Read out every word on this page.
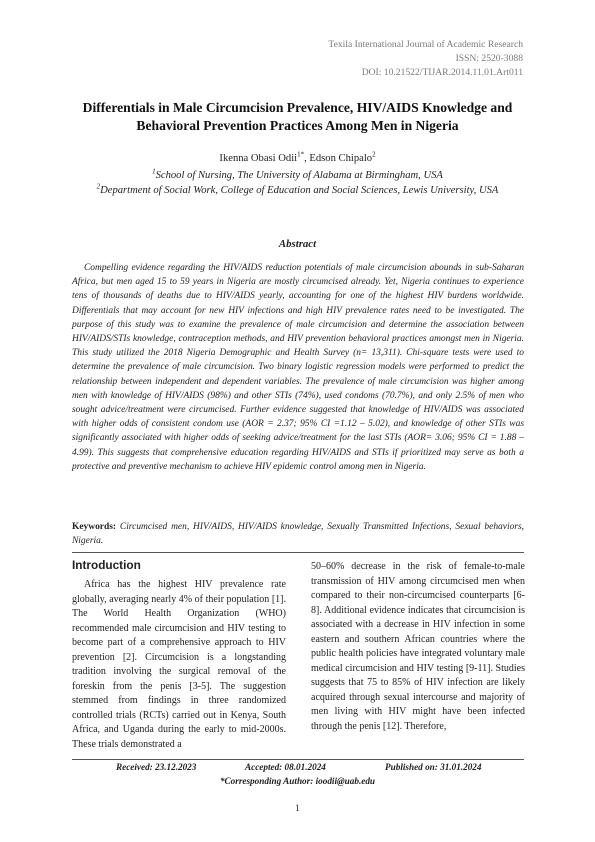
Texila International Journal of Academic Research
ISSN: 2520-3088
DOI: 10.21522/TIJAR.2014.11.01.Art011
Differentials in Male Circumcision Prevalence, HIV/AIDS Knowledge and Behavioral Prevention Practices Among Men in Nigeria
Ikenna Obasi Odii$^{1*}$, Edson Chipalo$^2$
$^1$School of Nursing, The University of Alabama at Birmingham, USA
$^2$Department of Social Work, College of Education and Social Sciences, Lewis University, USA
Abstract

Compelling evidence regarding the HIV/AIDS reduction potentials of male circumcision abounds in sub-Saharan Africa, but men aged 15 to 59 years in Nigeria are mostly circumcised already. Yet, Nigeria continues to experience tens of thousands of deaths due to HIV/AIDS yearly, accounting for one of the highest HIV burdens worldwide. Differentials that may account for new HIV infections and high HIV prevalence rates need to be investigated. The purpose of this study was to examine the prevalence of male circumcision and determine the association between HIV/AIDS/STIs knowledge, contraception methods, and HIV prevention behavioral practices amongst men in Nigeria. This study utilized the 2018 Nigeria Demographic and Health Survey (n= 13,311). Chi-square tests were used to determine the prevalence of male circumcision. Two binary logistic regression models were performed to predict the relationship between independent and dependent variables. The prevalence of male circumcision was higher among men with knowledge of HIV/AIDS (98%) and other STIs (74%), used condoms (70.7%), and only 2.5% of men who sought advice/treatment were circumcised. Further evidence suggested that knowledge of HIV/AIDS was associated with higher odds of consistent condom use (AOR = 2.37; 95% CI =1.12 – 5.02), and knowledge of other STIs was significantly associated with higher odds of seeking advice/treatment for the last STIs (AOR= 3.06; 95% CI = 1.88 – 4.99). This suggests that comprehensive education regarding HIV/AIDS and STIs if prioritized may serve as both a protective and preventive mechanism to achieve HIV epidemic control among men in Nigeria.

Keywords: Circumcised men, HIV/AIDS, HIV/AIDS knowledge, Sexually Transmitted Infections, Sexual behaviors, Nigeria.
Introduction

Africa has the highest HIV prevalence rate globally, averaging nearly 4% of their population [1]. The World Health Organization (WHO) recommended male circumcision and HIV testing to become part of a comprehensive approach to HIV prevention [2]. Circumcision is a longstanding tradition involving the surgical removal of the foreskin from the penis [3-5]. The suggestion stemmed from findings in three randomized controlled trials (RCTs) carried out in Kenya, South Africa, and Uganda during the early to mid-2000s. These trials demonstrated a

50–60% decrease in the risk of female-to-male transmission of HIV among circumcised men when compared to their non-circumcised counterparts [6-8]. Additional evidence indicates that circumcision is associated with a decrease in HIV infection in some eastern and southern African countries where the public health policies have integrated voluntary male medical circumcision and HIV testing [9-11]. Studies suggests that 75 to 85% of HIV infection are likely acquired through sexual intercourse and majority of men living with HIV might have been infected through the penis [12]. Therefore,

Received: 23.12.2023	Accepted: 08.01.2024	Published on: 31.01.2024
*Corresponding Author: ioodii@uab.edu
1
